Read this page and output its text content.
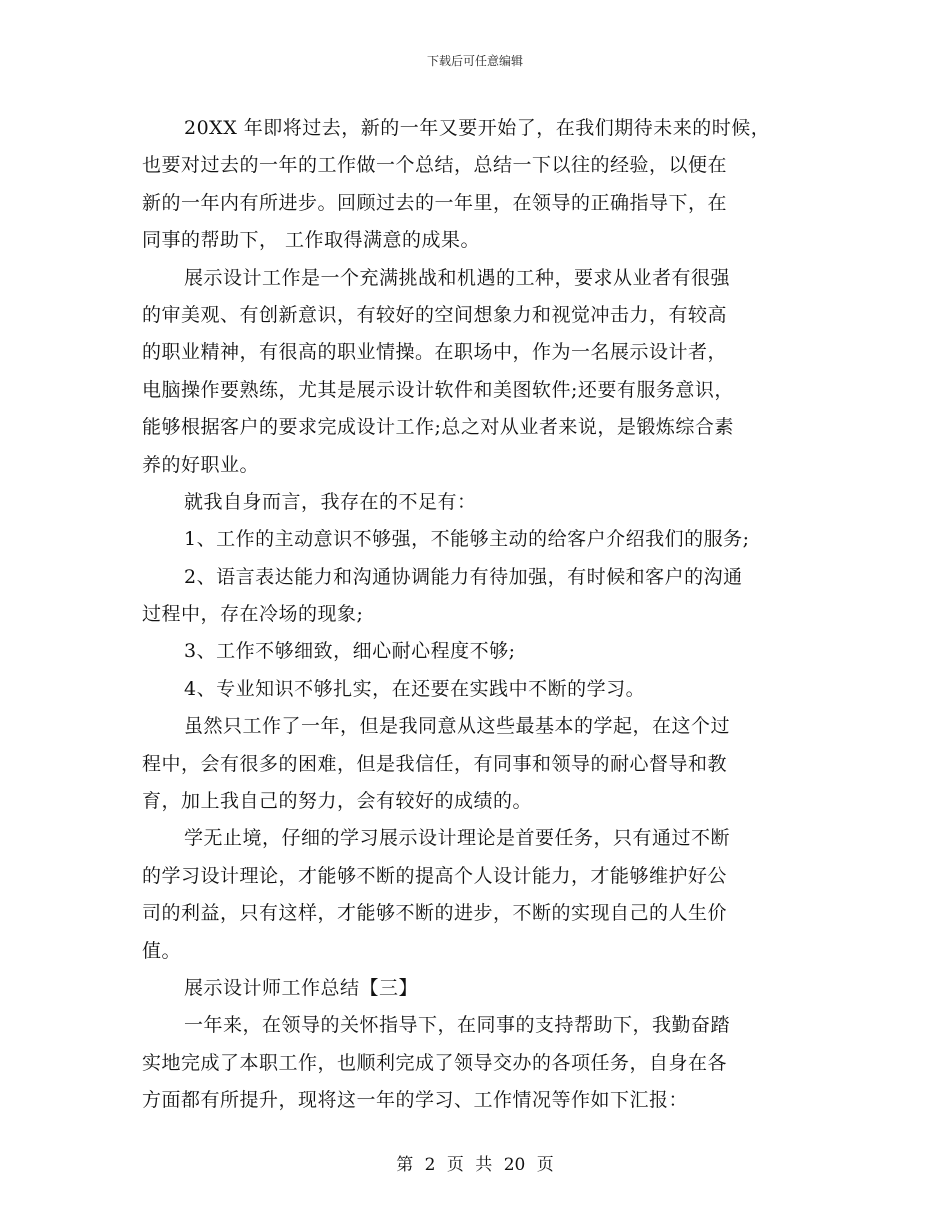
下载后可任意编辑
20XX 年即将过去，新的一年又要开始了，在我们期待未来的时候，
也要对过去的一年的工作做一个总结，总结一下以往的经验，以便在
新的一年内有所进步。回顾过去的一年里，在领导的正确指导下，在
同事的帮助下， 工作取得满意的成果。
展示设计工作是一个充满挑战和机遇的工种，要求从业者有很强
的审美观、有创新意识，有较好的空间想象力和视觉冲击力，有较高
的职业精神，有很高的职业情操。在职场中，作为一名展示设计者，
电脑操作要熟练，尤其是展示设计软件和美图软件;还要有服务意识，
能够根据客户的要求完成设计工作;总之对从业者来说，是锻炼综合素
养的好职业。
就我自身而言，我存在的不足有：
1、工作的主动意识不够强，不能够主动的给客户介绍我们的服务;
2、语言表达能力和沟通协调能力有待加强，有时候和客户的沟通
过程中，存在冷场的现象;
3、工作不够细致，细心耐心程度不够;
4、专业知识不够扎实，在还要在实践中不断的学习。
虽然只工作了一年，但是我同意从这些最基本的学起，在这个过
程中，会有很多的困难，但是我信任，有同事和领导的耐心督导和教
育，加上我自己的努力，会有较好的成绩的。
学无止境，仔细的学习展示设计理论是首要任务，只有通过不断
的学习设计理论，才能够不断的提高个人设计能力，才能够维护好公
司的利益，只有这样，才能够不断的进步，不断的实现自己的人生价
值。
展示设计师工作总结【三】
一年来，在领导的关怀指导下，在同事的支持帮助下，我勤奋踏
实地完成了本职工作，也顺利完成了领导交办的各项任务，自身在各
方面都有所提升，现将这一年的学习、工作情况等作如下汇报：
第 2 页 共 20 页
